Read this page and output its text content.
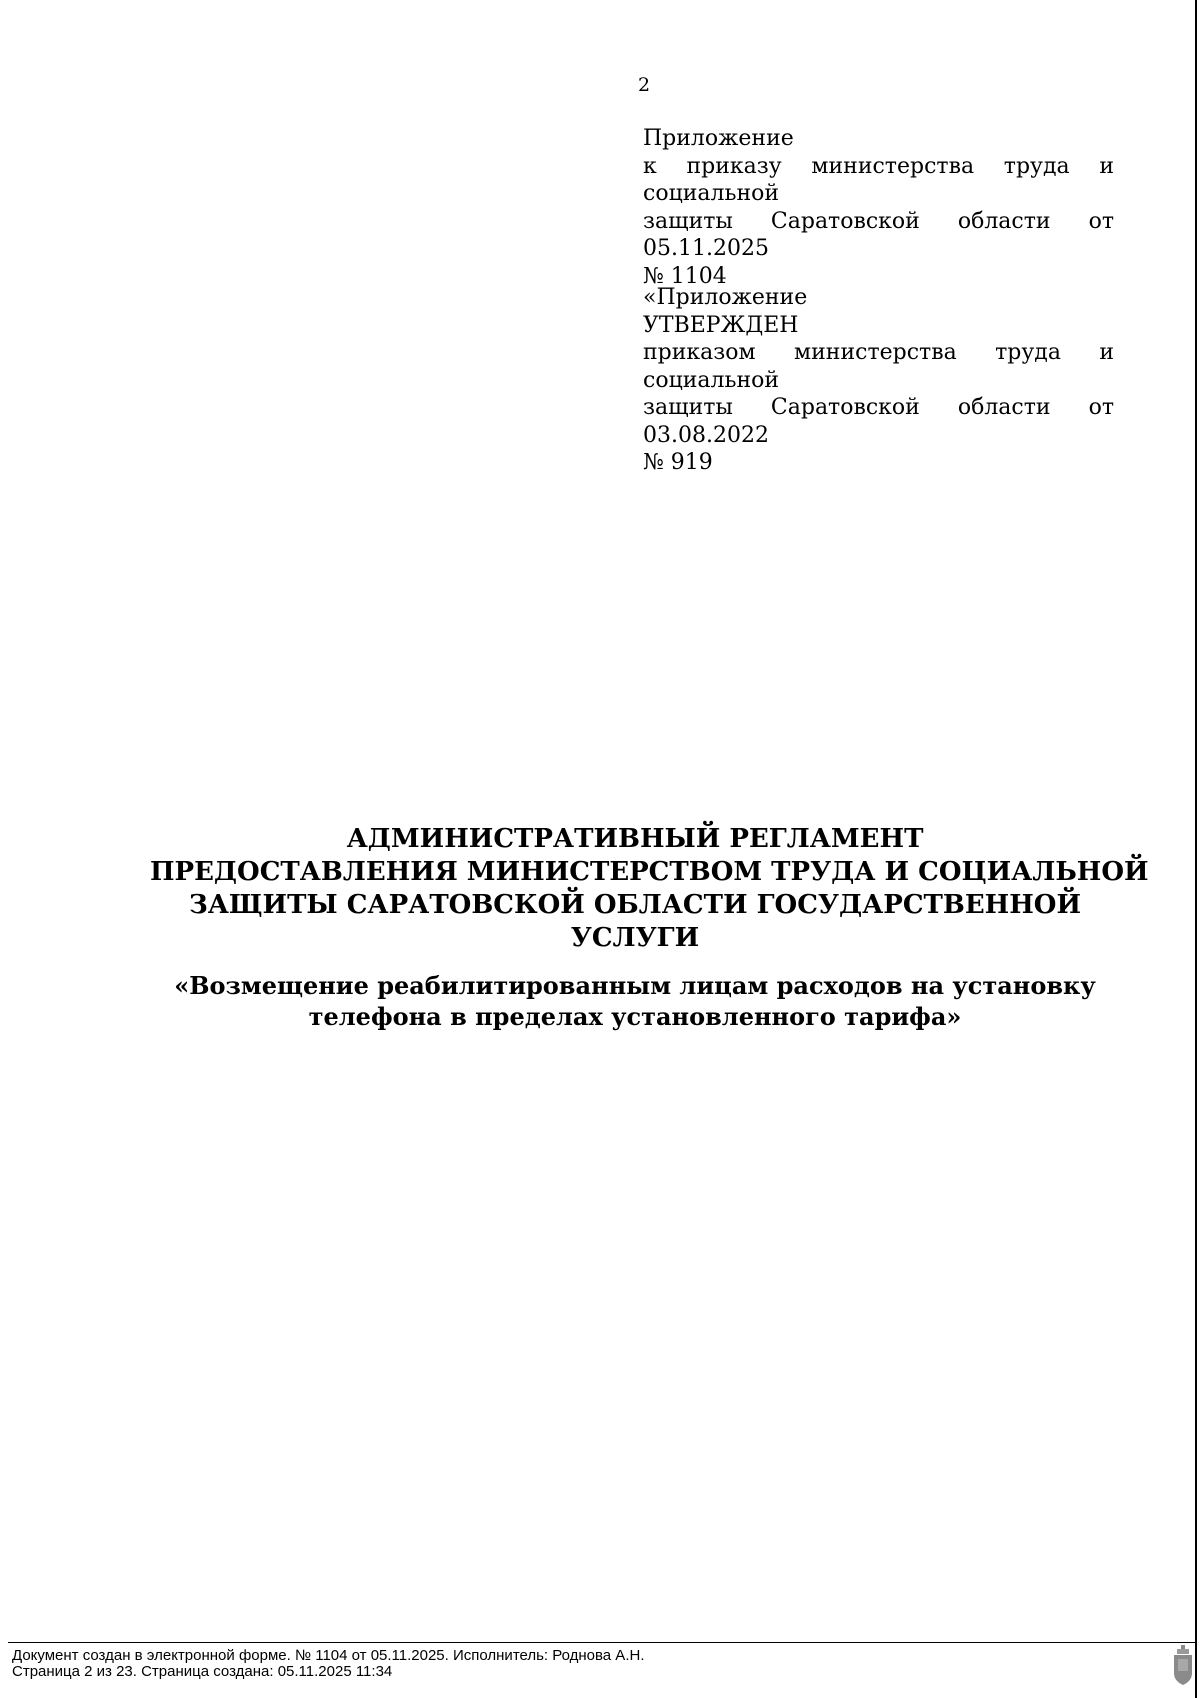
2
Приложение
к приказу министерства труда и социальной
защиты Саратовской области от 05.11.2025
№ 1104
«Приложение
УТВЕРЖДЕН
приказом министерства труда и социальной
защиты Саратовской области от 03.08.2022
№ 919
АДМИНИСТРАТИВНЫЙ РЕГЛАМЕНТ
ПРЕДОСТАВЛЕНИЯ МИНИСТЕРСТВОМ ТРУДА И СОЦИАЛЬНОЙ
ЗАЩИТЫ САРАТОВСКОЙ ОБЛАСТИ ГОСУДАРСТВЕННОЙ
УСЛУГИ
«Возмещение реабилитированным лицам расходов на установку
телефона в пределах установленного тарифа»
Документ создан в электронной форме. № 1104 от 05.11.2025. Исполнитель: Роднова А.Н.
Страница 2 из 23. Страница создана: 05.11.2025 11:34
